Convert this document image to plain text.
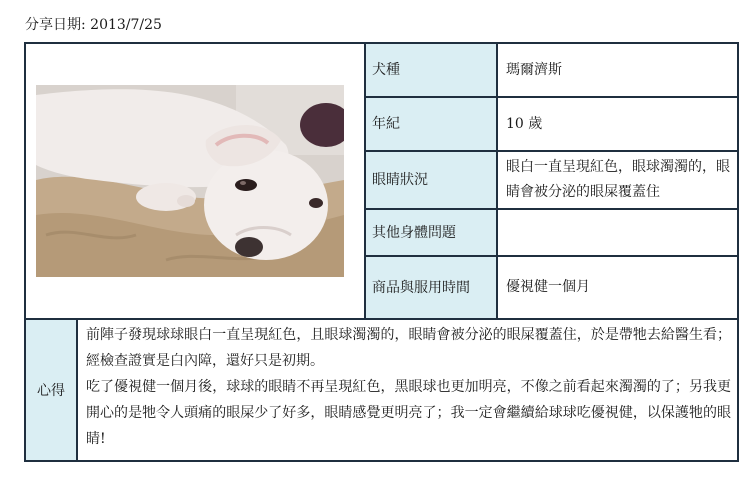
分享日期: 2013/7/25
	犬種	瑪爾濟斯
		年紀	10 歲
		眼睛狀況	眼白一直呈現紅色，眼球濁濁的，眼睛會被分泌的眼屎覆蓋住
		其他身體問題	
		商品與服用時間	優視健一個月
心得	前陣子發現球球眼白一直呈現紅色，且眼球濁濁的，眼睛會被分泌的眼屎覆蓋住，於是帶牠去給醫生看；經檢查證實是白內障，還好只是初期。

吃了優視健一個月後，球球的眼睛不再呈現紅色，黑眼球也更加明亮，不像之前看起來濁濁的了；另我更開心的是牠令人頭痛的眼屎少了好多，眼睛感覺更明亮了；我一定會繼續給球球吃優視健，以保護牠的眼睛!		
